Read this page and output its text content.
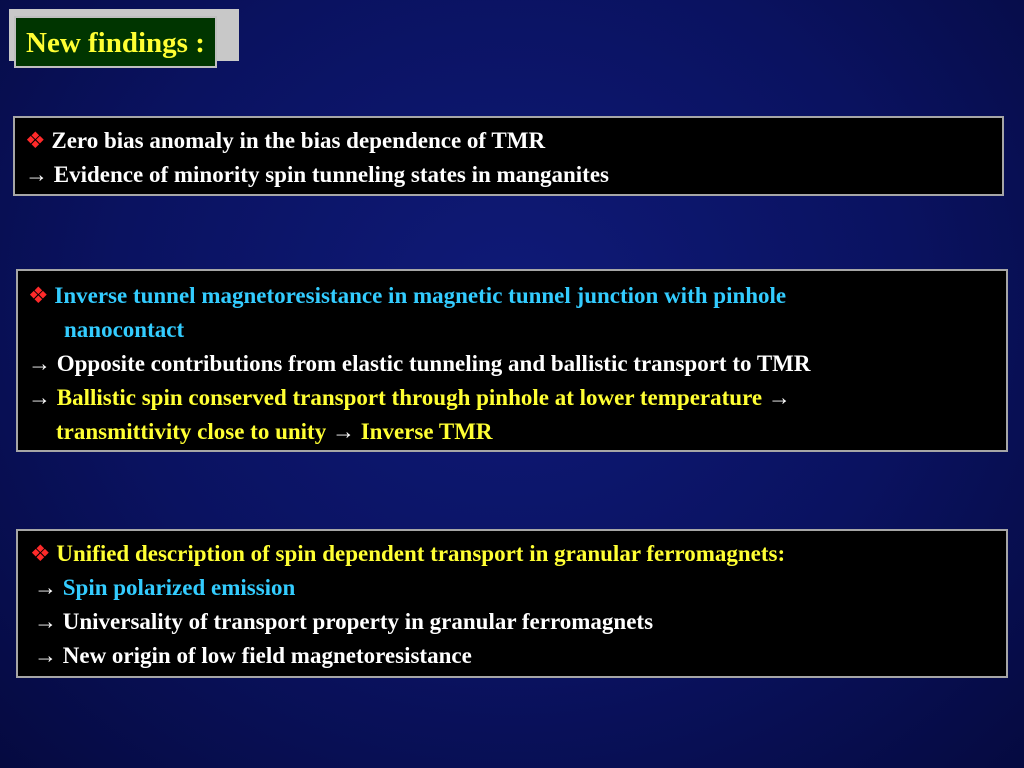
New findings :
❖ Zero bias anomaly in the bias dependence of TMR
→ Evidence of minority spin tunneling states in manganites
❖ Inverse tunnel magnetoresistance in magnetic tunnel junction with pinhole
nanocontact
→ Opposite contributions from elastic tunneling and ballistic transport to TMR
→ Ballistic spin conserved transport through pinhole at lower temperature →
transmittivity close to unity → Inverse TMR
❖ Unified description of spin dependent transport in granular ferromagnets:
→ Spin polarized emission
→ Universality of transport property in granular ferromagnets
→ New origin of low field magnetoresistance
